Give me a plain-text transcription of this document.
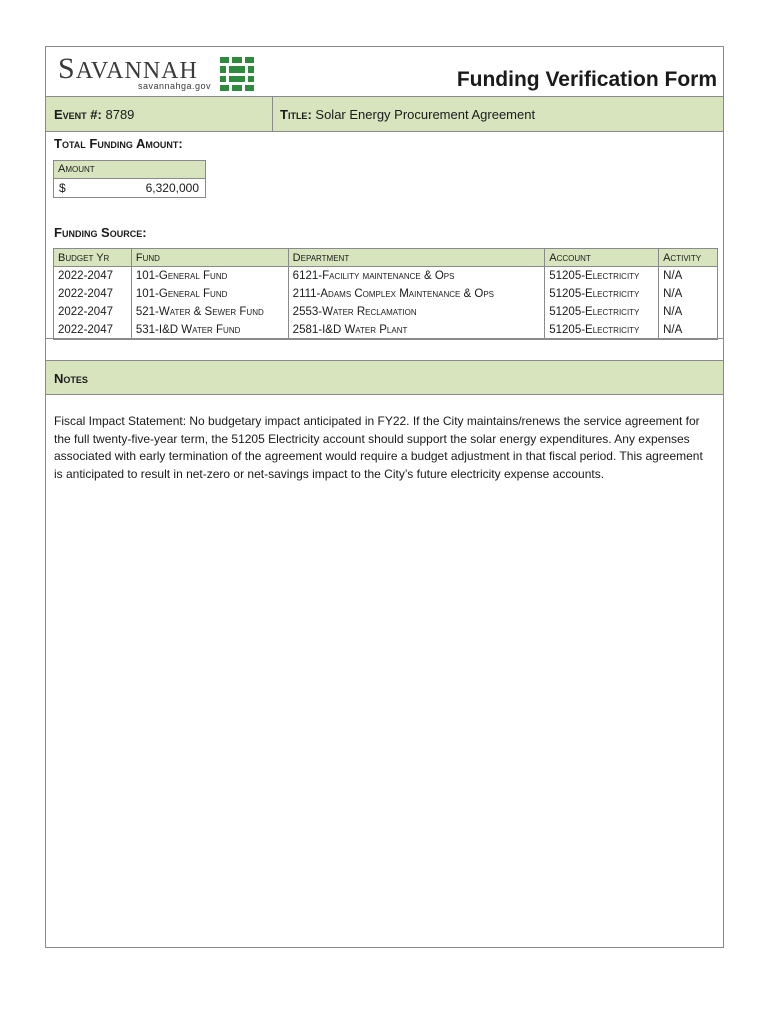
SAVANNAH
savannahga.gov	Funding Verification Form
Event #: 8789	Title: Solar Energy Procurement Agreement
Total Funding Amount:
Amount
$	6,320,000
Funding Source:
Budget Yr	Fund	Department	Account	Activity
2022-2047	101-General Fund	6121-Facility maintenance & Ops	51205-Electricity	N/A
2022-2047	101-General Fund	2111-Adams Complex Maintenance & Ops	51205-Electricity	N/A
2022-2047	521-Water & Sewer Fund	2553-Water Reclamation	51205-Electricity	N/A
2022-2047	531-I&D Water Fund	2581-I&D Water Plant	51205-Electricity	N/A
Notes
Fiscal Impact Statement: No budgetary impact anticipated in FY22. If the City maintains/renews the service agreement for the full twenty-five-year term, the 51205 Electricity account should support the solar energy expenditures. Any expenses associated with early termination of the agreement would require a budget adjustment in that fiscal period. This agreement is anticipated to result in net-zero or net-savings impact to the City’s future electricity expense accounts.
